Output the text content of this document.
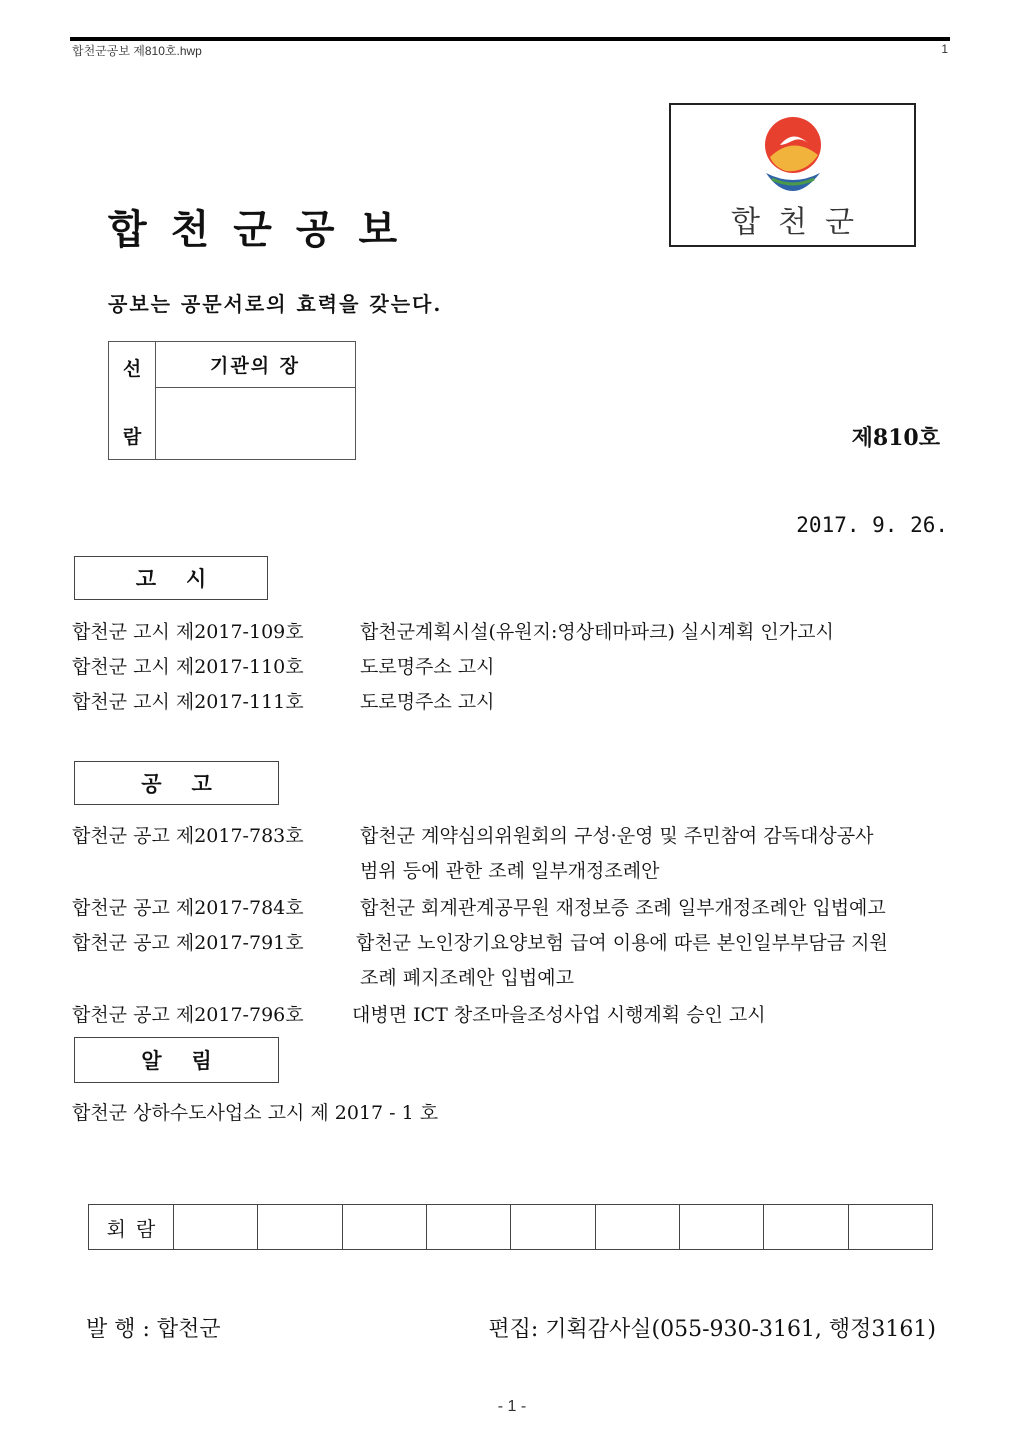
합천군공보 제810호.hwp	1
합천군공보	합천군
공보는 공문서로의 효력을 갖는다.
선
람
기관의 장
제810호
2017. 9. 26.
고시
합천군 고시 제2017-109호	합천군계획시설(유원지:영상테마파크) 실시계획 인가고시
합천군 고시 제2017-110호	도로명주소 고시
합천군 고시 제2017-111호	도로명주소 고시
공고
합천군 공고 제2017-783호	합천군 계약심의위원회의 구성·운영 및 주민참여 감독대상공사
범위 등에 관한 조례 일부개정조례안
합천군 공고 제2017-784호	합천군 회계관계공무원 재정보증 조례 일부개정조례안 입법예고
합천군 공고 제2017-791호	합천군 노인장기요양보험 급여 이용에 따른 본인일부부담금 지원
조례 폐지조례안 입법예고
합천군 공고 제2017-796호	대병면 ICT 창조마을조성사업 시행계획 승인 고시
알림
합천군 상하수도사업소 고시 제 2017 - 1 호
회람
발 행 : 합천군	편집: 기획감사실(055-930-3161, 행정3161)
- 1 -
